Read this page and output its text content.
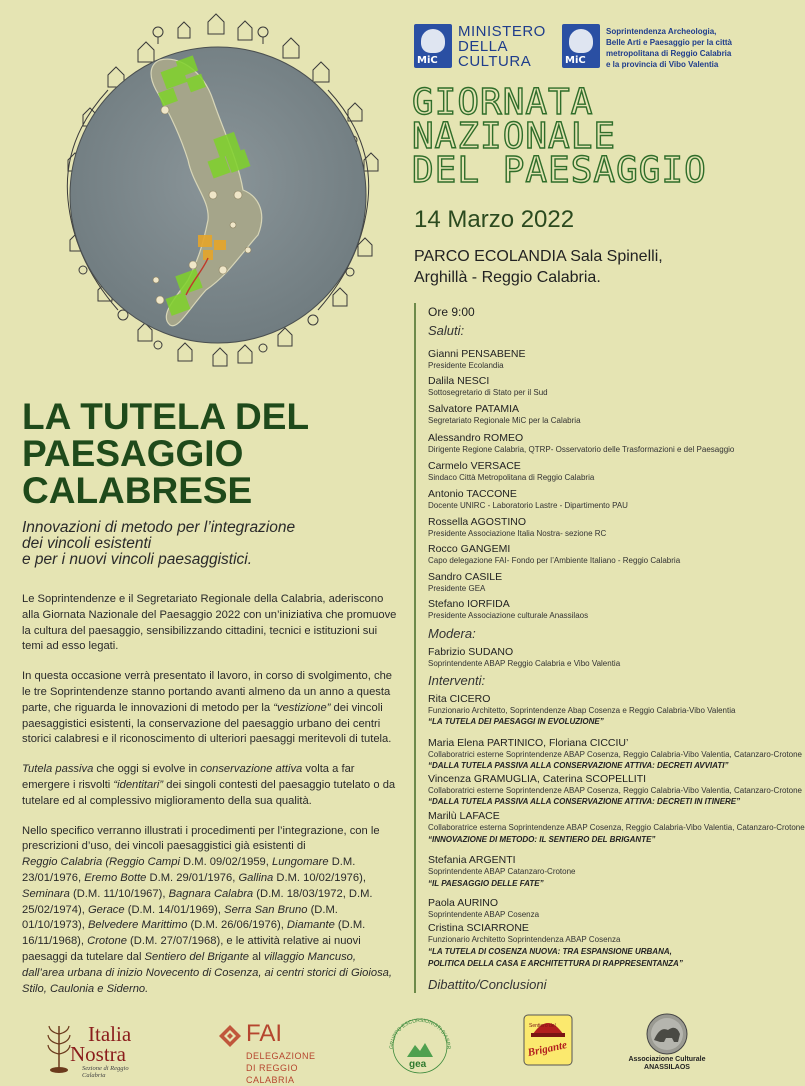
MiC
MINISTERO
DELLA
CULTURA	MiC
Soprintendenza Archeologia,
Belle Arti e Paesaggio per la città
metropolitana di Reggio Calabria
e la provincia di Vibo Valentia
GIORNATA
NAZIONALE
DEL PAESAGGIO
14 Marzo 2022
PARCO ECOLANDIA Sala Spinelli,
Arghillà - Reggio Calabria.
Ore 9:00
Saluti:
Gianni PENSABENE
Presidente Ecolandia
Dalila NESCI
Sottosegretario di Stato per il Sud
Salvatore PATAMIA
Segretariato Regionale MiC per la Calabria
Alessandro ROMEO
Dirigente Regione Calabria, QTRP- Osservatorio delle Trasformazioni e del Paesaggio
Carmelo VERSACE
Sindaco Città Metropolitana di Reggio Calabria
Antonio TACCONE
Docente UNIRC - Laboratorio Lastre - Dipartimento PAU
Rossella AGOSTINO
Presidente Associazione Italia Nostra- sezione RC
Rocco GANGEMI
Capo delegazione FAI- Fondo per l’Ambiente Italiano - Reggio Calabria
Sandro CASILE
Presidente GEA
Stefano IORFIDA
Presidente Associazione culturale Anassilaos
Modera:
Fabrizio SUDANO
Soprintendente ABAP Reggio Calabria e Vibo Valentia
Interventi:
Rita CICERO
Funzionario Architetto, Soprintendenze Abap Cosenza e Reggio Calabria-Vibo Valentia
“LA TUTELA DEI PAESAGGI IN EVOLUZIONE”
Maria Elena PARTINICO, Floriana CICCIU’
Collaboratrici esterne Soprintendenze ABAP Cosenza, Reggio Calabria-Vibo Valentia, Catanzaro-Crotone
“DALLA TUTELA PASSIVA ALLA CONSERVAZIONE ATTIVA: DECRETI AVVIATI”
Vincenza GRAMUGLIA, Caterina SCOPELLITI
Collaboratrici esterne Soprintendenze ABAP Cosenza, Reggio Calabria-Vibo Valentia, Catanzaro-Crotone
“DALLA TUTELA PASSIVA ALLA CONSERVAZIONE ATTIVA: DECRETI IN ITINERE”
Marilù LAFACE
Collaboratrice esterna Soprintendenze ABAP Cosenza, Reggio Calabria-Vibo Valentia, Catanzaro-Crotone
“INNOVAZIONE DI METODO: IL SENTIERO DEL BRIGANTE”
Stefania ARGENTI
Soprintendente ABAP Catanzaro-Crotone
“IL PAESAGGIO DELLE FATE”
Paola AURINO
Soprintendente ABAP Cosenza
Cristina SCIARRONE
Funzionario Architetto Soprintendenza ABAP Cosenza
“LA TUTELA DI COSENZA NUOVA: TRA ESPANSIONE URBANA,
POLITICA DELLA CASA E ARCHITETTURA DI RAPPRESENTANZA”
Dibattito/Conclusioni
LA TUTELA DEL
PAESAGGIO
CALABRESE
Innovazioni di metodo per l’integrazione
dei vincoli esistenti
e per i nuovi vincoli paesaggistici.

Le Soprintendenze e il Segretariato Regionale della Calabria, aderiscono alla Giornata Nazionale del Paesaggio 2022 con un’iniziativa che promuove la cultura del paesaggio, sensibilizzando cittadini, tecnici e istituzioni sui temi ad esso legati.

In questa occasione verrà presentato il lavoro, in corso di svolgimento, che le tre Soprintendenze stanno portando avanti almeno da un anno a questa parte, che riguarda le innovazioni di metodo per la “vestizione” dei vincoli paesaggistici esistenti, la conservazione del paesaggio urbano dei centri storici calabresi e il riconoscimento di ulteriori paesaggi meritevoli di tutela.

Tutela passiva che oggi si evolve in conservazione attiva volta a far emergere i risvolti “identitari” dei singoli contesti del paesaggio tutelato o da tutelare ed al complessivo miglioramento della sua qualità.

Nello specifico verranno illustrati i procedimenti per l’integrazione, con le prescrizioni d’uso, dei vincoli paesaggistici già esistenti di
Reggio Calabria (Reggio Campi D.M. 09/02/1959, Lungomare D.M. 23/01/1976, Eremo Botte D.M. 29/01/1976, Gallina D.M. 10/02/1976), Seminara (D.M. 11/10/1967), Bagnara Calabra (D.M. 18/03/1972, D.M. 25/02/1974), Gerace (D.M. 14/01/1969), Serra San Bruno (D.M. 01/10/1973), Belvedere Marittimo (D.M. 26/06/1976), Diamante (D.M. 16/11/1968), Crotone (D.M. 27/07/1968), e le attività relative ai nuovi paesaggi da tutelare dal Sentiero del Brigante al villaggio Mancuso, dall’area urbana di inizio Novecento di Cosenza, ai centri storici di Gioiosa, Stilo, Caulonia e Siderno.

Italia
Nostra
Sezione di Reggio Calabria
FAI
DELEGAZIONE
DI REGGIO CALABRIA
GRUPPO ESCURSIONISTI D'ASPR
gea
Sentiero del
Brigante
Associazione Culturale
ANASSILAOS
